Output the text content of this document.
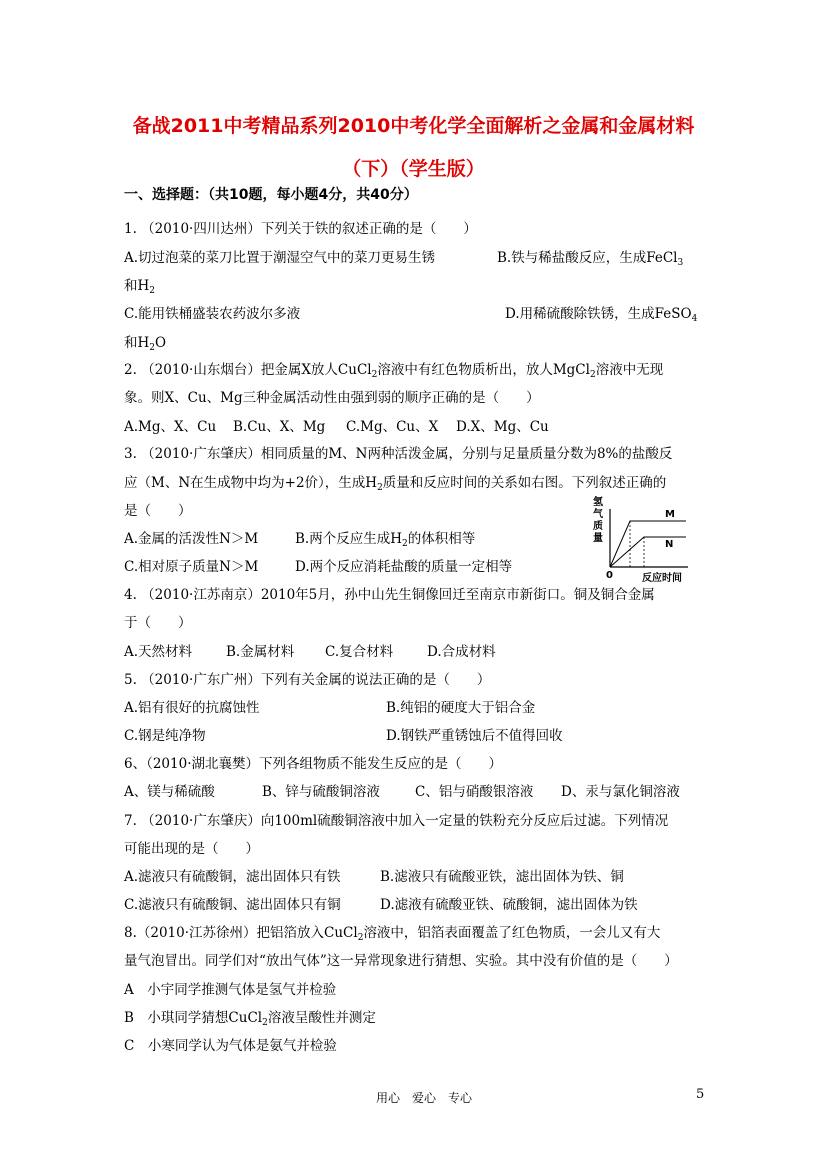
备战2011中考精品系列2010中考化学全面解析之金属和金属材料
（下）（学生版）
一、选择题：（共10题，每小题4分，共40分）
1. （2010·四川达州）下列关于铁的叙述正确的是（　　）
A.切过泡菜的菜刀比置于潮湿空气中的菜刀更易生锈	B.铁与稀盐酸反应，生成FeCl$_3$
和$H_2$
C.能用铁桶盛装农药波尔多液	D.用稀硫酸除铁锈，生成FeSO$_4$
和$H_2O$
2. （2010·山东烟台）把金属X放人CuCl$_2$溶液中有红色物质析出，放人MgCl$_2$溶液中无现
象。则X、Cu、Mg三种金属活动性由强到弱的顺序正确的是（　　）
A.Mg、X、Cu B.Cu、X、Mg C.Mg、Cu、X D.X、Mg、Cu
3. （2010·广东肇庆）相同质量的M、N两种活泼金属，分别与足量质量分数为8%的盐酸反
应（M、N在生成物中均为+2价），生成$H_2$质量和反应时间的关系如右图。下列叙述正确的
是（　　）
A.金属的活泼性N＞M	B.两个反应生成$H_2$的体积相等
C.相对原子质量N＞M	D.两个反应消耗盐酸的质量一定相等
氢
气
质
量
M
N
0	反应时间
4. （2010·江苏南京）2010年5月，孙中山先生铜像回迁至南京市新街口。铜及铜合金属
于（　　）
A.天然材料	B.金属材料 C.复合材料	D.合成材料
5. （2010·广东广州）下列有关金属的说法正确的是（　　）
A.铝有很好的抗腐蚀性	B.纯铝的硬度大于铝合金
C.钢是纯净物	D.钢铁严重锈蚀后不值得回收
6、（2010·湖北襄樊）下列各组物质不能发生反应的是（　　）
A、镁与稀硫酸	B、锌与硫酸铜溶液	C、铝与硝酸银溶液 D、汞与氯化铜溶液
7. （2010·广东肇庆）向100ml硫酸铜溶液中加入一定量的铁粉充分反应后过滤。下列情况
可能出现的是（　　）
A.滤液只有硫酸铜，滤出固体只有铁	B.滤液只有硫酸亚铁，滤出固体为铁、铜
C.滤液只有硫酸铜、滤出固体只有铜	D.滤液有硫酸亚铁、硫酸铜，滤出固体为铁
8.（2010·江苏徐州）把铝箔放入CuCl$_2$溶液中，铝箔表面覆盖了红色物质，一会儿又有大
量气泡冒出。同学们对“放出气体”这一异常现象进行猜想、实验。其中没有价值的是（　　）
A　小宇同学推测气体是氢气并检验
B　小琪同学猜想CuCl$_2$溶液呈酸性并测定
C　小寒同学认为气体是氨气并检验
用心　爱心　专心	5
